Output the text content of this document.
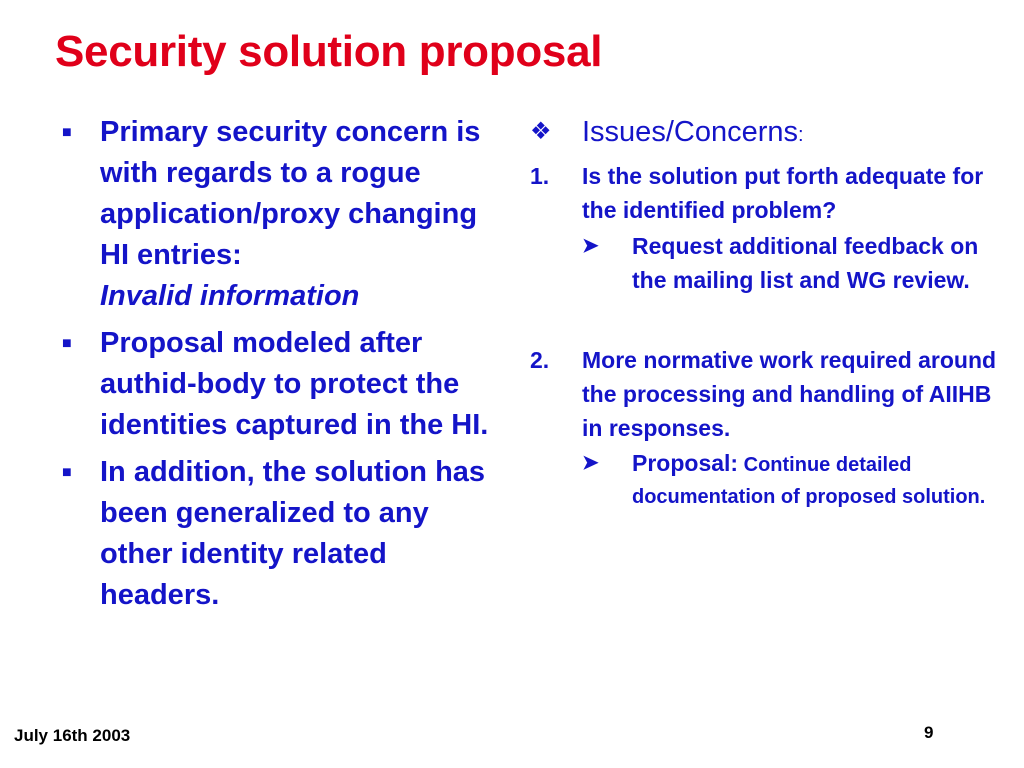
Security solution proposal
■ Primary security concern is with regards to a rogue application/proxy changing HI entries:
Invalid information
■ Proposal modeled after authid-body to protect the identities captured in the HI.
■ In addition, the solution has been generalized to any other identity related headers.
❖	Issues/Concerns:
1.	Is the solution put forth adequate for the identified problem?
➤	Request additional feedback on the mailing list and WG review.
2.	More normative work required around the processing and handling of AIIHB in responses.
➤	Proposal: Continue detailed documentation of proposed solution.
July 16th 2003	9
